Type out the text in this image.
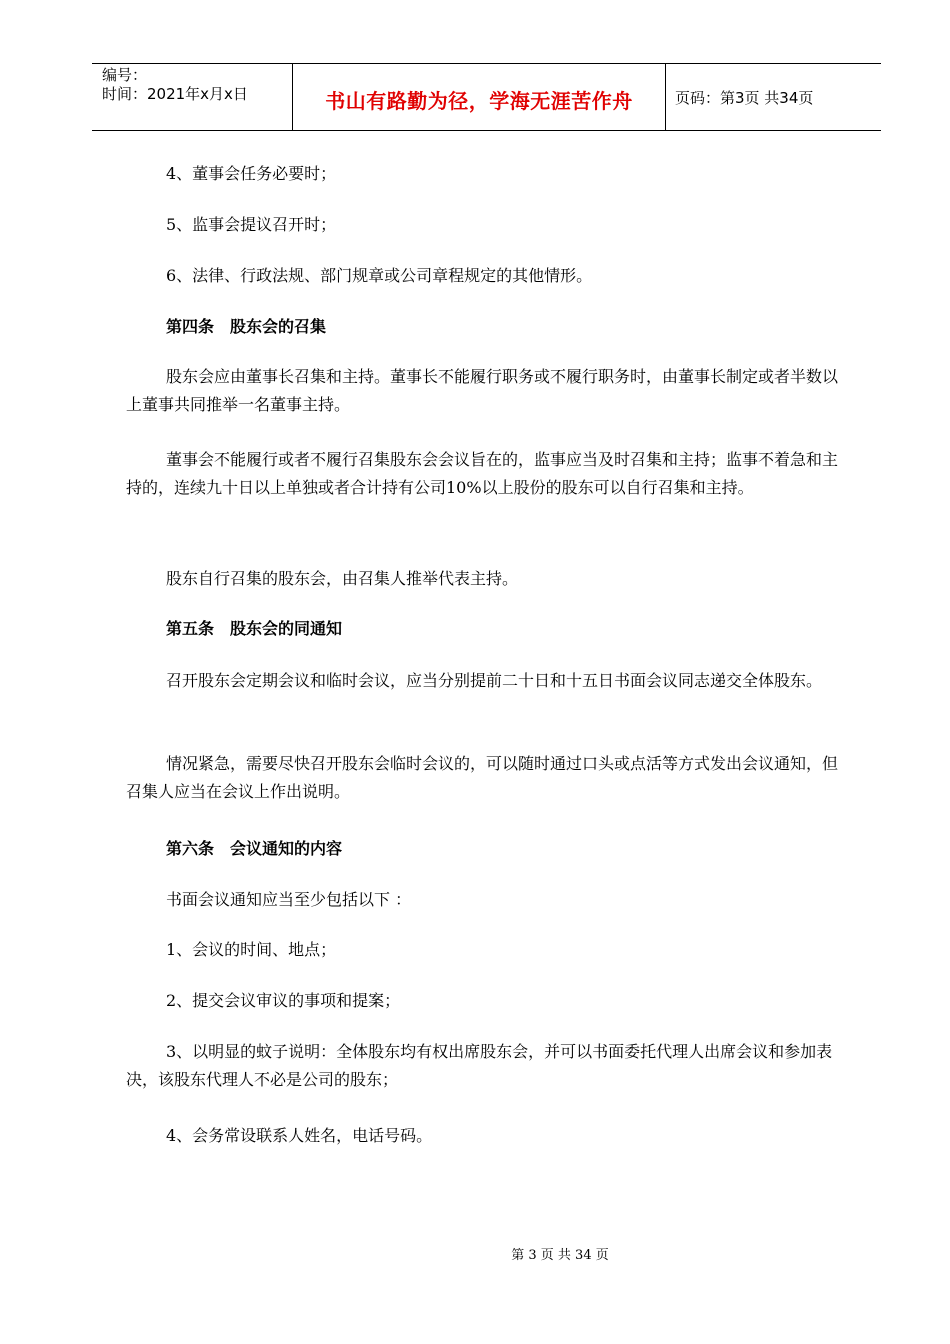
编号：
时间：2021年x月x日	书山有路勤为径，学海无涯苦作舟	页码：第3页 共34页
4、董事会任务必要时；
5、监事会提议召开时；
6、法律、行政法规、部门规章或公司章程规定的其他情形。
第四条　股东会的召集
股东会应由董事长召集和主持。董事长不能履行职务或不履行职务时，由董事长制定或者半数以上董事共同推举一名董事主持。
董事会不能履行或者不履行召集股东会会议旨在的，监事应当及时召集和主持；监事不着急和主持的，连续九十日以上单独或者合计持有公司10%以上股份的股东可以自行召集和主持。
股东自行召集的股东会，由召集人推举代表主持。
第五条　股东会的同通知
召开股东会定期会议和临时会议，应当分别提前二十日和十五日书面会议同志递交全体股东。
情况紧急，需要尽快召开股东会临时会议的，可以随时通过口头或点活等方式发出会议通知，但召集人应当在会议上作出说明。
第六条　会议通知的内容
书面会议通知应当至少包括以下 ：
1、会议的时间、地点；
2、提交会议审议的事项和提案；
3、以明显的蚊子说明：全体股东均有权出席股东会，并可以书面委托代理人出席会议和参加表决，该股东代理人不必是公司的股东；
4、会务常设联系人姓名，电话号码。
第 3 页 共 34 页
